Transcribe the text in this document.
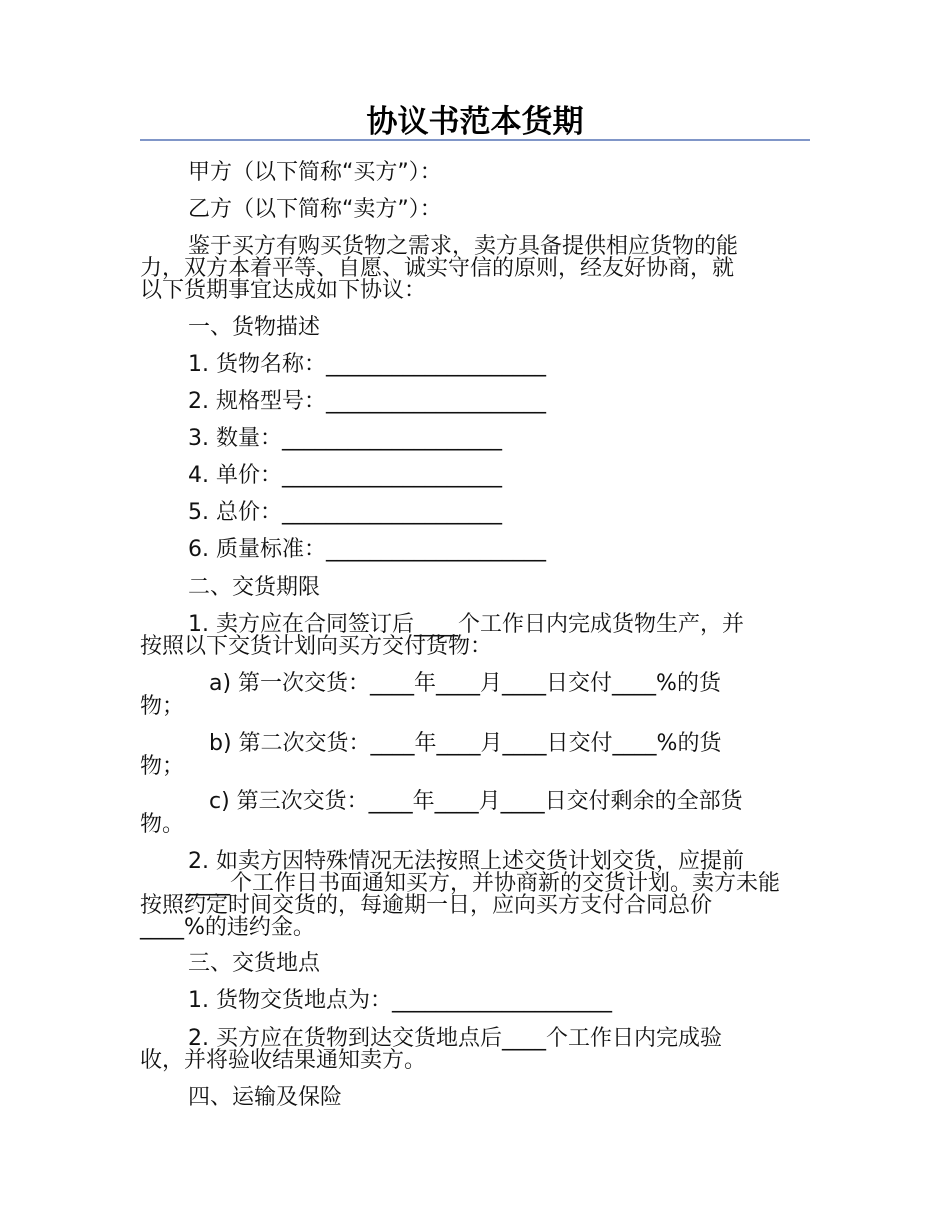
协议书范本货期
甲方（以下简称“买方”）：
乙方（以下简称“卖方”）：
鉴于买方有购买货物之需求，卖方具备提供相应货物的能
力，双方本着平等、自愿、诚实守信的原则，经友好协商，就
以下货期事宜达成如下协议：
一、货物描述
1. 货物名称：____________________
2. 规格型号：____________________
3. 数量：____________________
4. 单价：____________________
5. 总价：____________________
6. 质量标准：____________________
二、交货期限
1. 卖方应在合同签订后____个工作日内完成货物生产，并
按照以下交货计划向买方交付货物：
a) 第一次交货：____年____月____日交付____%的货
物；
b) 第二次交货：____年____月____日交付____%的货
物；
c) 第三次交货：____年____月____日交付剩余的全部货
物。
2. 如卖方因特殊情况无法按照上述交货计划交货，应提前
____个工作日书面通知买方，并协商新的交货计划。卖方未能
按照约定时间交货的，每逾期一日，应向买方支付合同总价
____%的违约金。
三、交货地点
1. 货物交货地点为：____________________
2. 买方应在货物到达交货地点后____个工作日内完成验
收，并将验收结果通知卖方。
四、运输及保险
